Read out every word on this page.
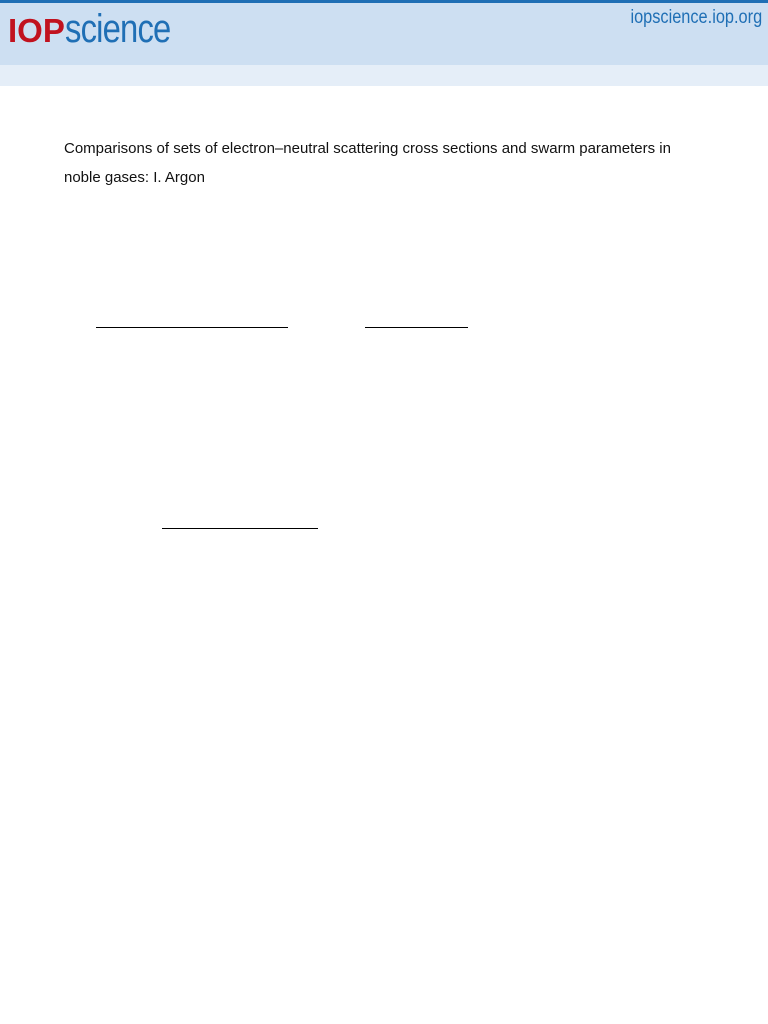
IOPscience	iopscience.iop.org
Comparisons of sets of electron–neutral scattering cross sections and swarm parameters in noble gases: I. Argon
